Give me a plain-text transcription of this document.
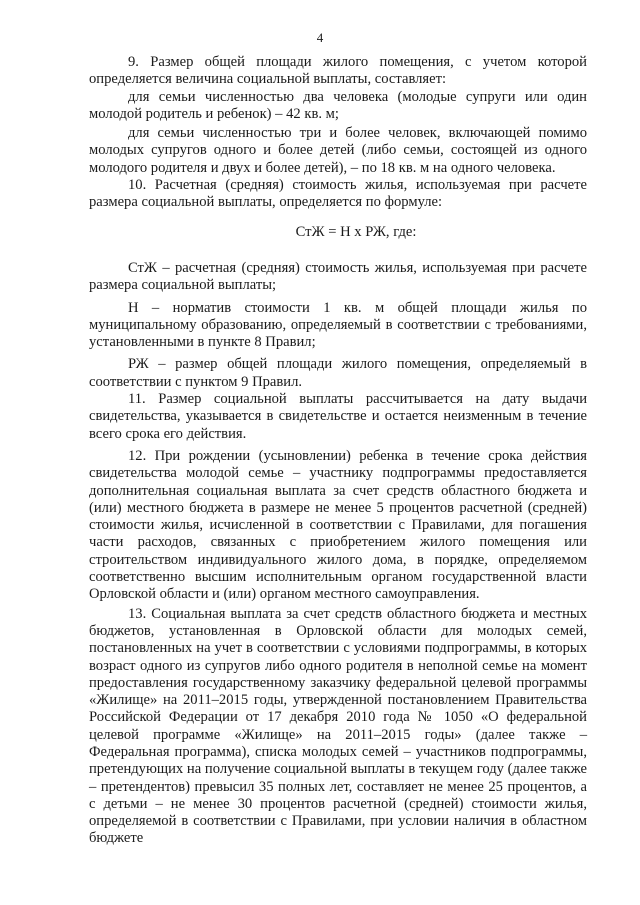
4

9. Размер общей площади жилого помещения, с учетом которой определяется величина социальной выплаты, составляет:

для семьи численностью два человека (молодые супруги или один молодой родитель и ребенок) – 42 кв. м;

для семьи численностью три и более человек, включающей помимо молодых супругов одного и более детей (либо семьи, состоящей из одного молодого родителя и двух и более детей), – по 18 кв. м на одного человека.

10. Расчетная (средняя) стоимость жилья, используемая при расчете размера социальной выплаты, определяется по формуле:

СтЖ = Н х РЖ, где:

СтЖ – расчетная (средняя) стоимость жилья, используемая при расчете размера социальной выплаты;

Н – норматив стоимости 1 кв. м общей площади жилья по муниципальному образованию, определяемый в соответствии с требованиями, установленными в пункте 8 Правил;

РЖ – размер общей площади жилого помещения, определяемый в соответствии с пунктом 9 Правил.

11. Размер социальной выплаты рассчитывается на дату выдачи свидетельства, указывается в свидетельстве и остается неизменным в течение всего срока его действия.

12. При рождении (усыновлении) ребенка в течение срока действия свидетельства молодой семье – участнику подпрограммы предоставляется дополнительная социальная выплата за счет средств областного бюджета и (или) местного бюджета в размере не менее 5 процентов расчетной (средней) стоимости жилья, исчисленной в соответствии с Правилами, для погашения части расходов, связанных с приобретением жилого помещения или строительством индивидуального жилого дома, в порядке, определяемом соответственно высшим исполнительным органом государственной власти Орловской области и (или) органом местного самоуправления.

13. Социальная выплата за счет средств областного бюджета и местных бюджетов, установленная в Орловской области для молодых семей, постановленных на учет в соответствии с условиями подпрограммы, в которых возраст одного из супругов либо одного родителя в неполной семье на момент предоставления государственному заказчику федеральной целевой программы «Жилище» на 2011–2015 годы, утвержденной постановлением Правительства Российской Федерации от 17 декабря 2010 года № 1050 «О федеральной целевой программе «Жилище» на 2011–2015 годы» (далее также – Федеральная программа), списка молодых семей – участников подпрограммы, претендующих на получение социальной выплаты в текущем году (далее также – претендентов) превысил 35 полных лет, составляет не менее 25 процентов, а с детьми – не менее 30 процентов расчетной (средней) стоимости жилья, определяемой в соответствии с Правилами, при условии наличия в областном бюджете
